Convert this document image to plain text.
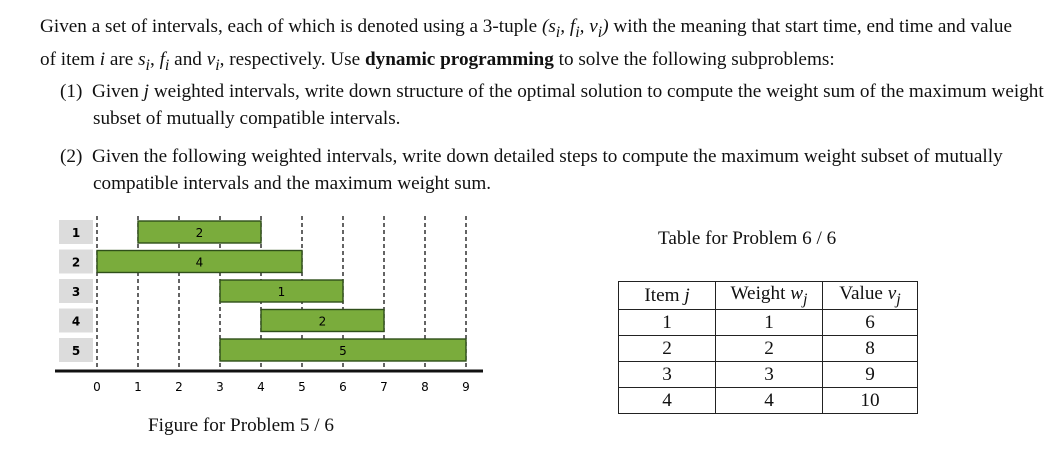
Given a set of intervals, each of which is denoted using a 3-tuple ($s_i$, $f_i$, $v_i$) with the meaning that start time, end time and value of item i are $s_i$, $f_i$ and $v_i$, respectively. Use dynamic programming to solve the following subproblems:
(1)  Given j weighted intervals, write down structure of the optimal solution to compute the weight sum of the maximum weight subset of mutually compatible intervals.
(2) Given the following weighted intervals, write down detailed steps to compute the maximum weight subset of mutually compatible intervals and the maximum weight sum.
1
2
3
4
5
2
4
1
2
5
0	1	2	3	4	5	6	7	8	9
Figure for Problem 5 / 6
Table for Problem 6 / 6
Item j	Weight $w_j$	Value $v_j$
1	1	6
2	2	8
3	3	9
4	4	10
